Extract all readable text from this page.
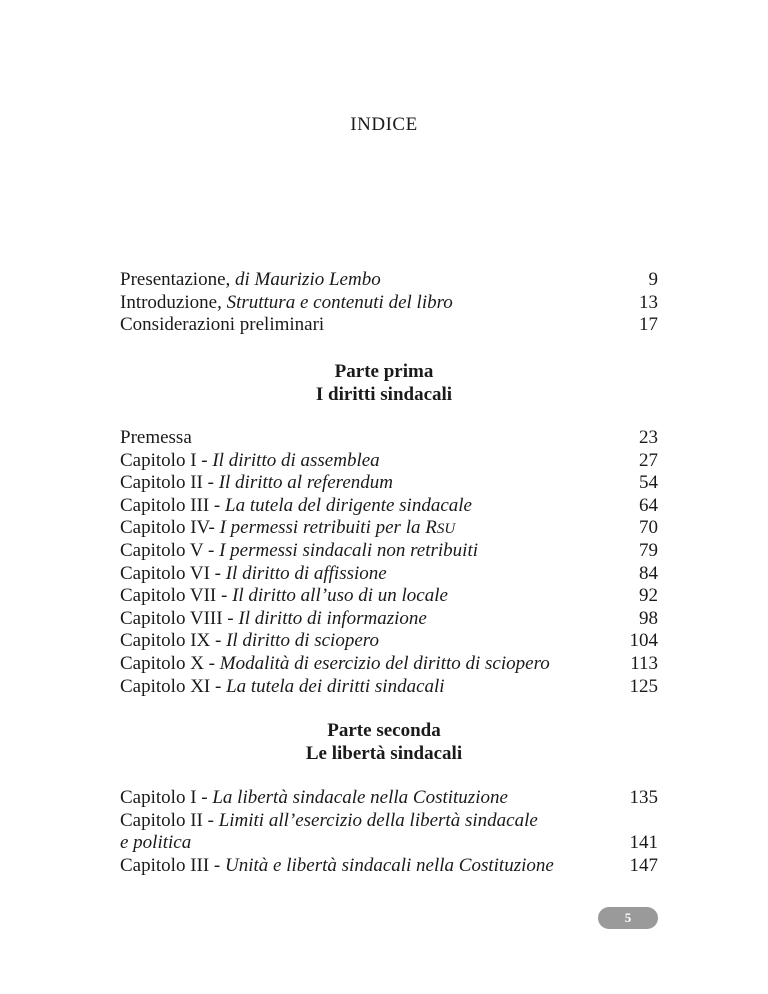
INDICE
Presentazione, di Maurizio Lembo	9
Introduzione, Struttura e contenuti del libro	13
Considerazioni preliminari	17
Parte prima
I diritti sindacali
Premessa	23
Capitolo I - Il diritto di assemblea	27
Capitolo II - Il diritto al referendum	54
Capitolo III - La tutela del dirigente sindacale	64
Capitolo IV- I permessi retribuiti per la RSU	70
Capitolo V - I permessi sindacali non retribuiti	79
Capitolo VI - Il diritto di affissione	84
Capitolo VII - Il diritto all’uso di un locale	92
Capitolo VIII - Il diritto di informazione	98
Capitolo IX - Il diritto di sciopero	104
Capitolo X - Modalità di esercizio del diritto di sciopero	113
Capitolo XI - La tutela dei diritti sindacali	125
Parte seconda
Le libertà sindacali
Capitolo I - La libertà sindacale nella Costituzione	135
Capitolo II - Limiti all’esercizio della libertà sindacale
e politica	141
Capitolo III - Unità e libertà sindacali nella Costituzione	147
5
